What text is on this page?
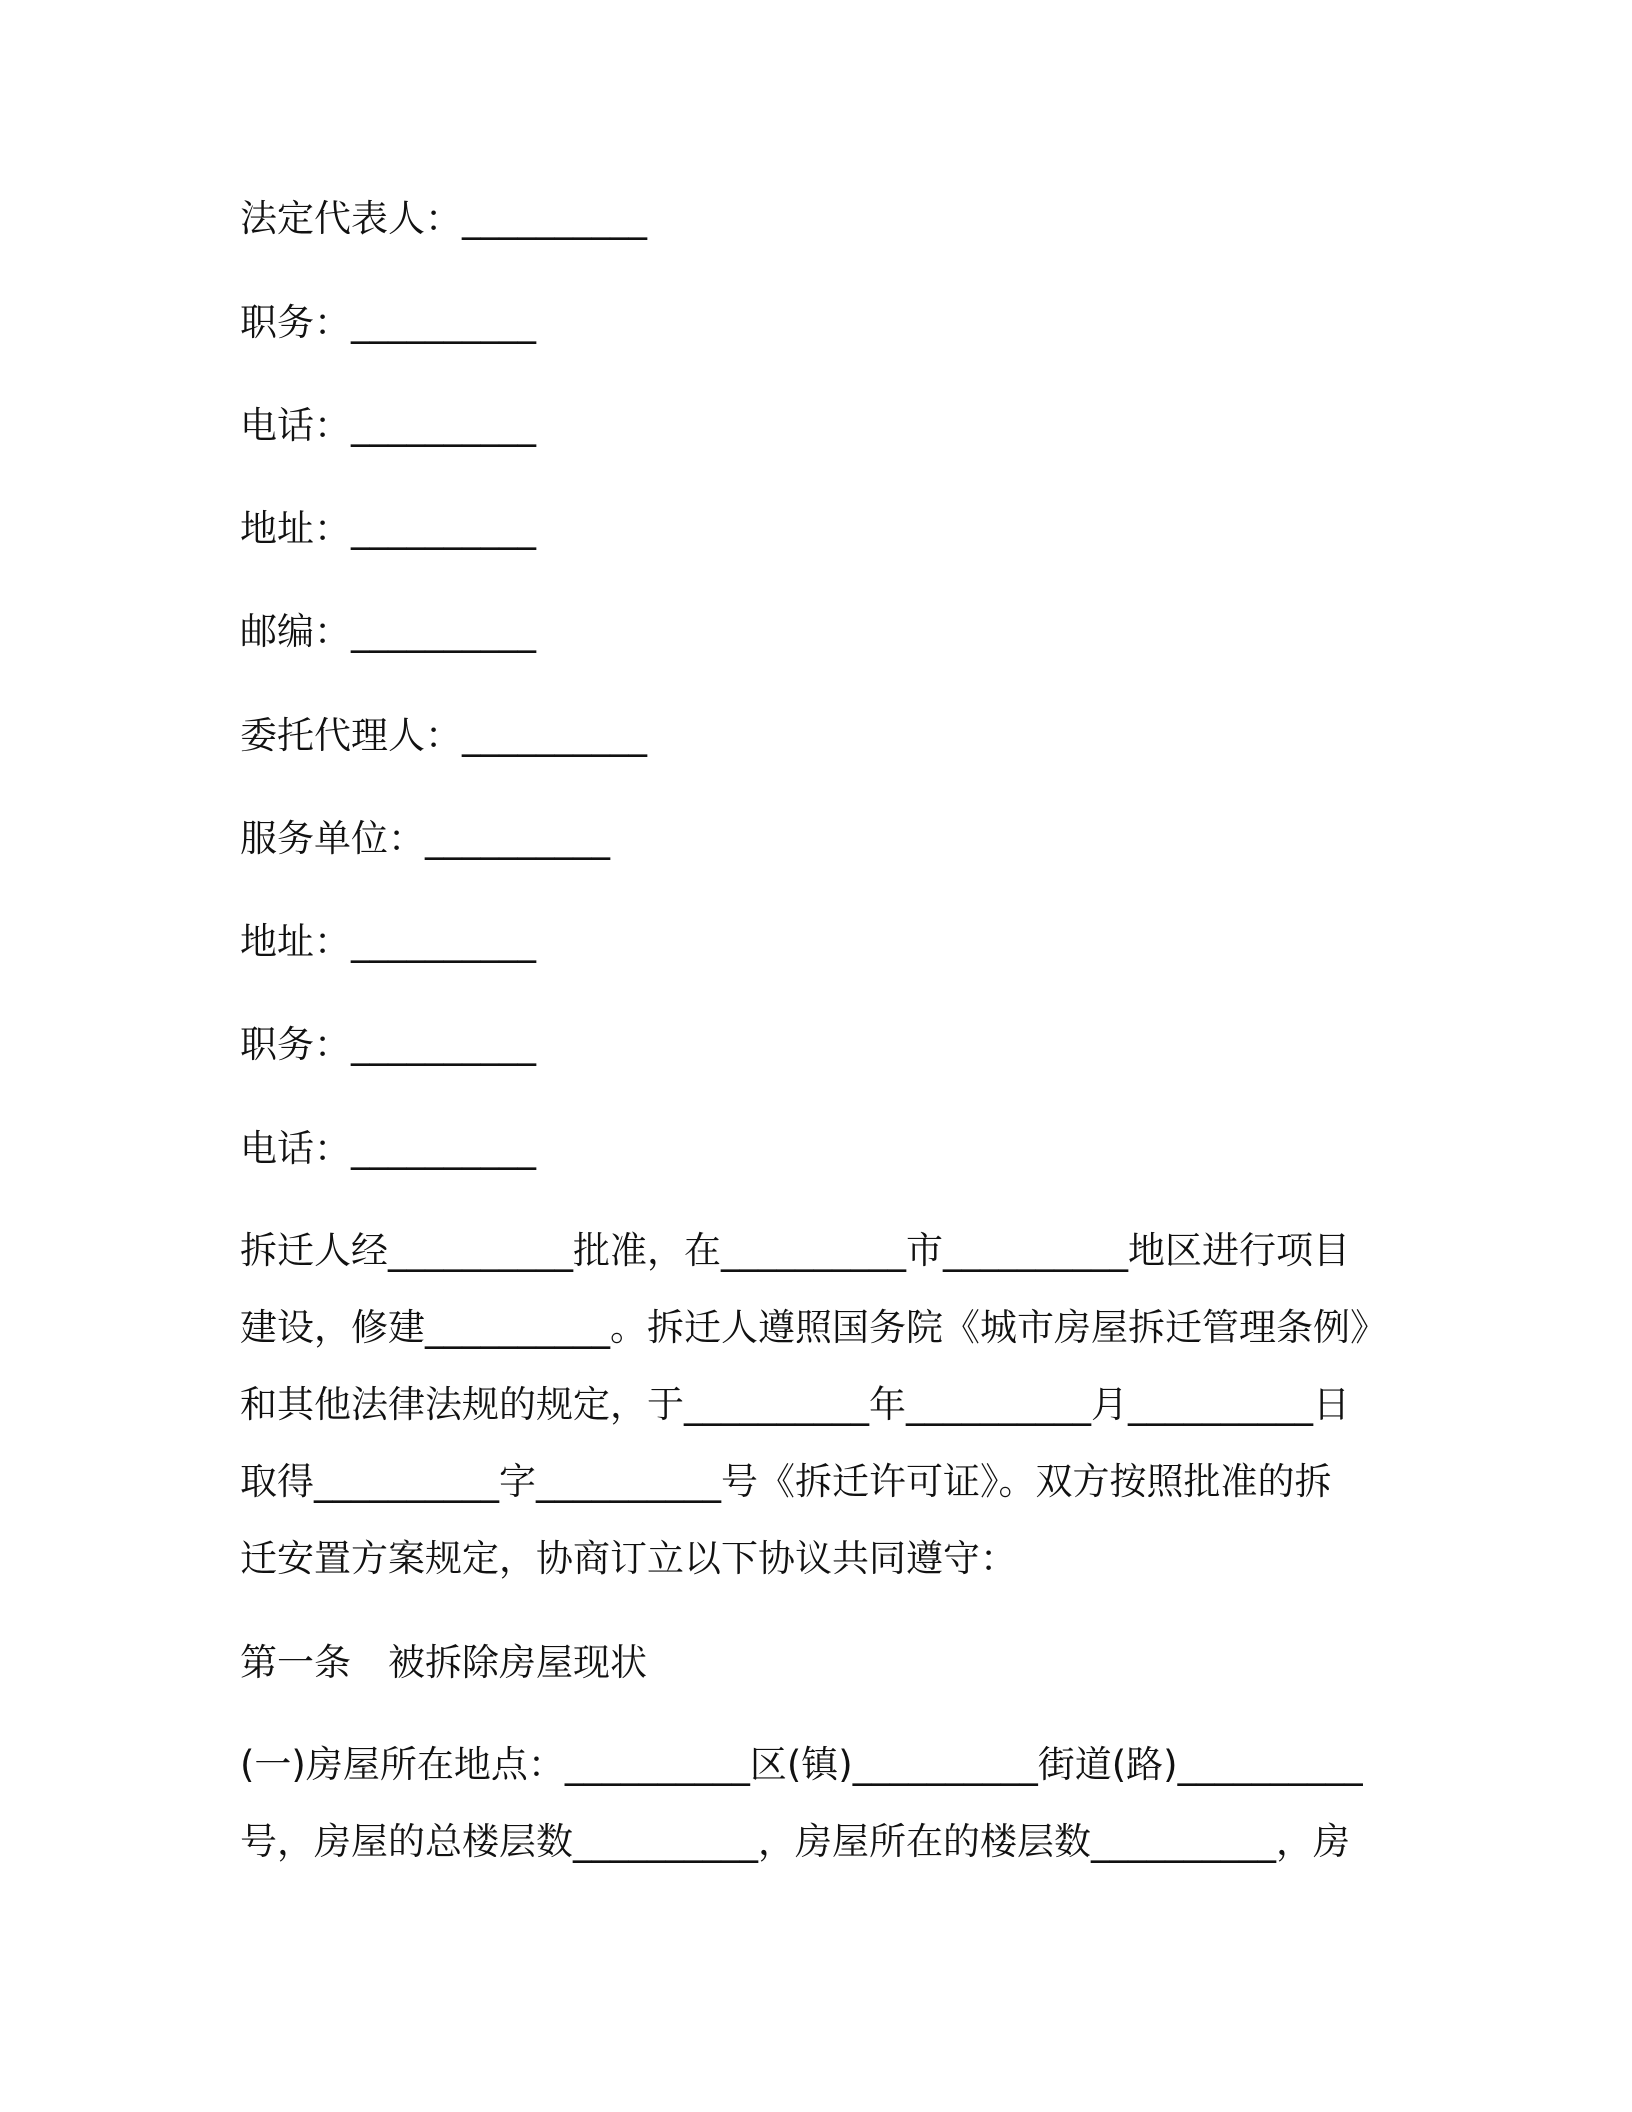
法定代表人：__________
职务：__________
电话：__________
地址：__________
邮编：__________
委托代理人：__________
服务单位：__________
地址：__________
职务：__________
电话：__________
拆迁人经__________批准，在__________市__________地区进行项目
建设，修建__________。拆迁人遵照国务院《城市房屋拆迁管理条例》
和其他法律法规的规定，于__________年__________月__________日
取得__________字__________号《拆迁许可证》。双方按照批准的拆
迁安置方案规定，协商订立以下协议共同遵守：
第一条　被拆除房屋现状
(一)房屋所在地点：__________区(镇)__________街道(路)__________
号，房屋的总楼层数__________，房屋所在的楼层数__________，房
